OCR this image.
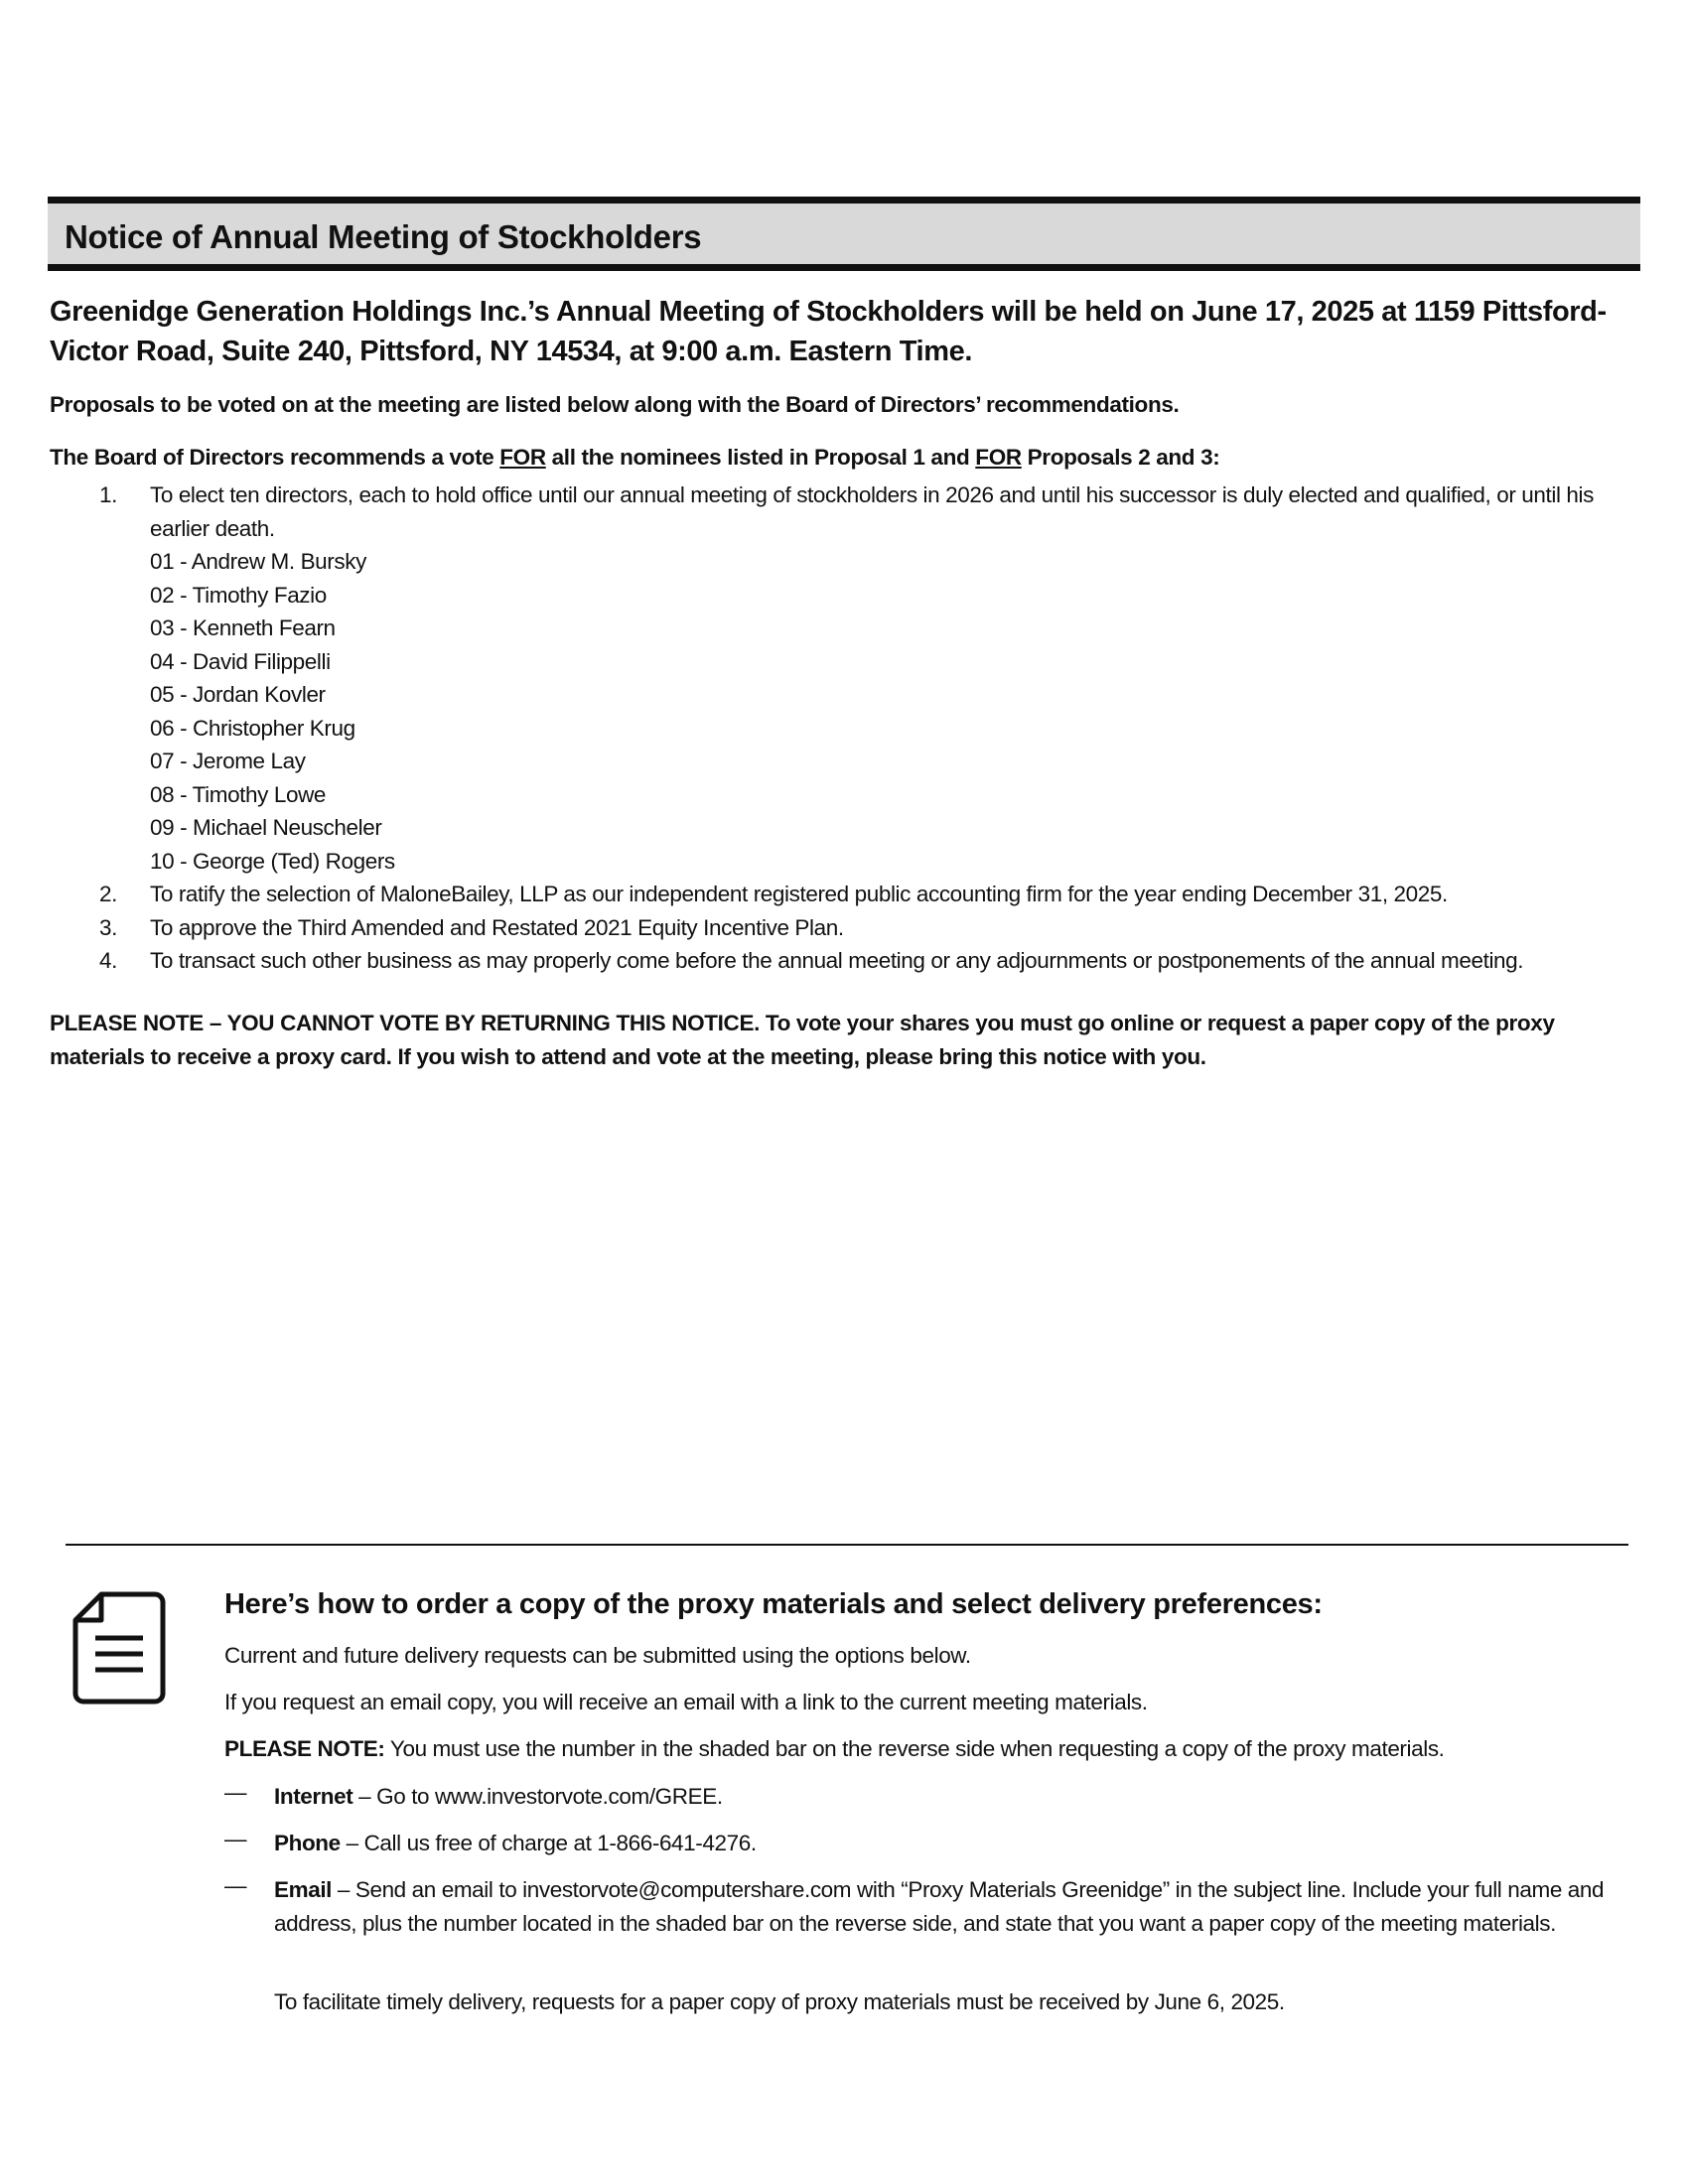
Notice of Annual Meeting of Stockholders
Greenidge Generation Holdings Inc.’s Annual Meeting of Stockholders will be held on June 17, 2025 at 1159 Pittsford-Victor Road, Suite 240, Pittsford, NY 14534, at 9:00 a.m. Eastern Time.
Proposals to be voted on at the meeting are listed below along with the Board of Directors’ recommendations.
The Board of Directors recommends a vote FOR all the nominees listed in Proposal 1 and FOR Proposals 2 and 3:
1. To elect ten directors, each to hold office until our annual meeting of stockholders in 2026 and until his successor is duly elected and qualified, or until his earlier death.
01 - Andrew M. Bursky
02 - Timothy Fazio
03 - Kenneth Fearn
04 - David Filippelli
05 - Jordan Kovler
06 - Christopher Krug
07 - Jerome Lay
08 - Timothy Lowe
09 - Michael Neuscheler
10 - George (Ted) Rogers
2. To ratify the selection of MaloneBailey, LLP as our independent registered public accounting firm for the year ending December 31, 2025.
3. To approve the Third Amended and Restated 2021 Equity Incentive Plan.
4. To transact such other business as may properly come before the annual meeting or any adjournments or postponements of the annual meeting.
PLEASE NOTE – YOU CANNOT VOTE BY RETURNING THIS NOTICE. To vote your shares you must go online or request a paper copy of the proxy materials to receive a proxy card. If you wish to attend and vote at the meeting, please bring this notice with you.
Here’s how to order a copy of the proxy materials and select delivery preferences:
Current and future delivery requests can be submitted using the options below.
If you request an email copy, you will receive an email with a link to the current meeting materials.
PLEASE NOTE: You must use the number in the shaded bar on the reverse side when requesting a copy of the proxy materials.
— Internet – Go to www.investorvote.com/GREE.
— Phone – Call us free of charge at 1-866-641-4276.
— Email – Send an email to investorvote@computershare.com with “Proxy Materials Greenidge” in the subject line. Include your full name and address, plus the number located in the shaded bar on the reverse side, and state that you want a paper copy of the meeting materials.
To facilitate timely delivery, requests for a paper copy of proxy materials must be received by June 6, 2025.
